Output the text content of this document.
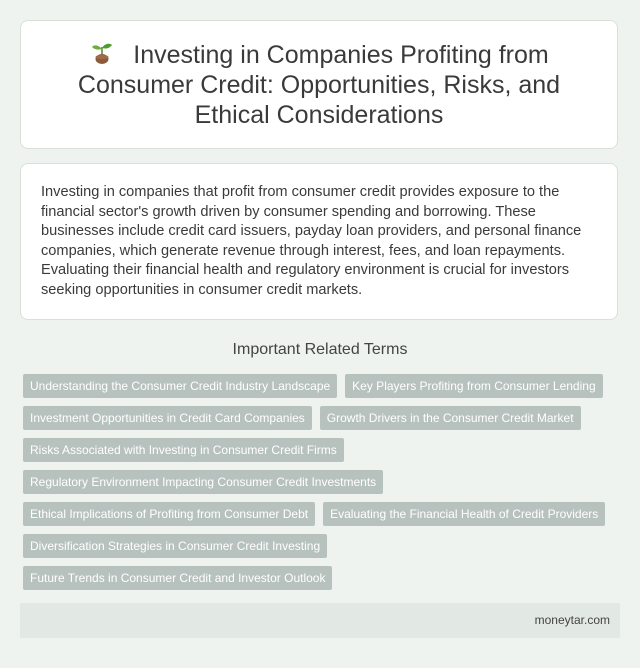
Investing in Companies Profiting from Consumer Credit: Opportunities, Risks, and Ethical Considerations

Investing in companies that profit from consumer credit provides exposure to the financial sector's growth driven by consumer spending and borrowing. These businesses include credit card issuers, payday loan providers, and personal finance companies, which generate revenue through interest, fees, and loan repayments. Evaluating their financial health and regulatory environment is crucial for investors seeking opportunities in consumer credit markets.

Important Related Terms
Understanding the Consumer Credit Industry Landscape	Key Players Profiting from Consumer Lending
Investment Opportunities in Credit Card Companies	Growth Drivers in the Consumer Credit Market
Risks Associated with Investing in Consumer Credit Firms
Regulatory Environment Impacting Consumer Credit Investments
Ethical Implications of Profiting from Consumer Debt	Evaluating the Financial Health of Credit Providers
Diversification Strategies in Consumer Credit Investing
Future Trends in Consumer Credit and Investor Outlook
moneytar.com
